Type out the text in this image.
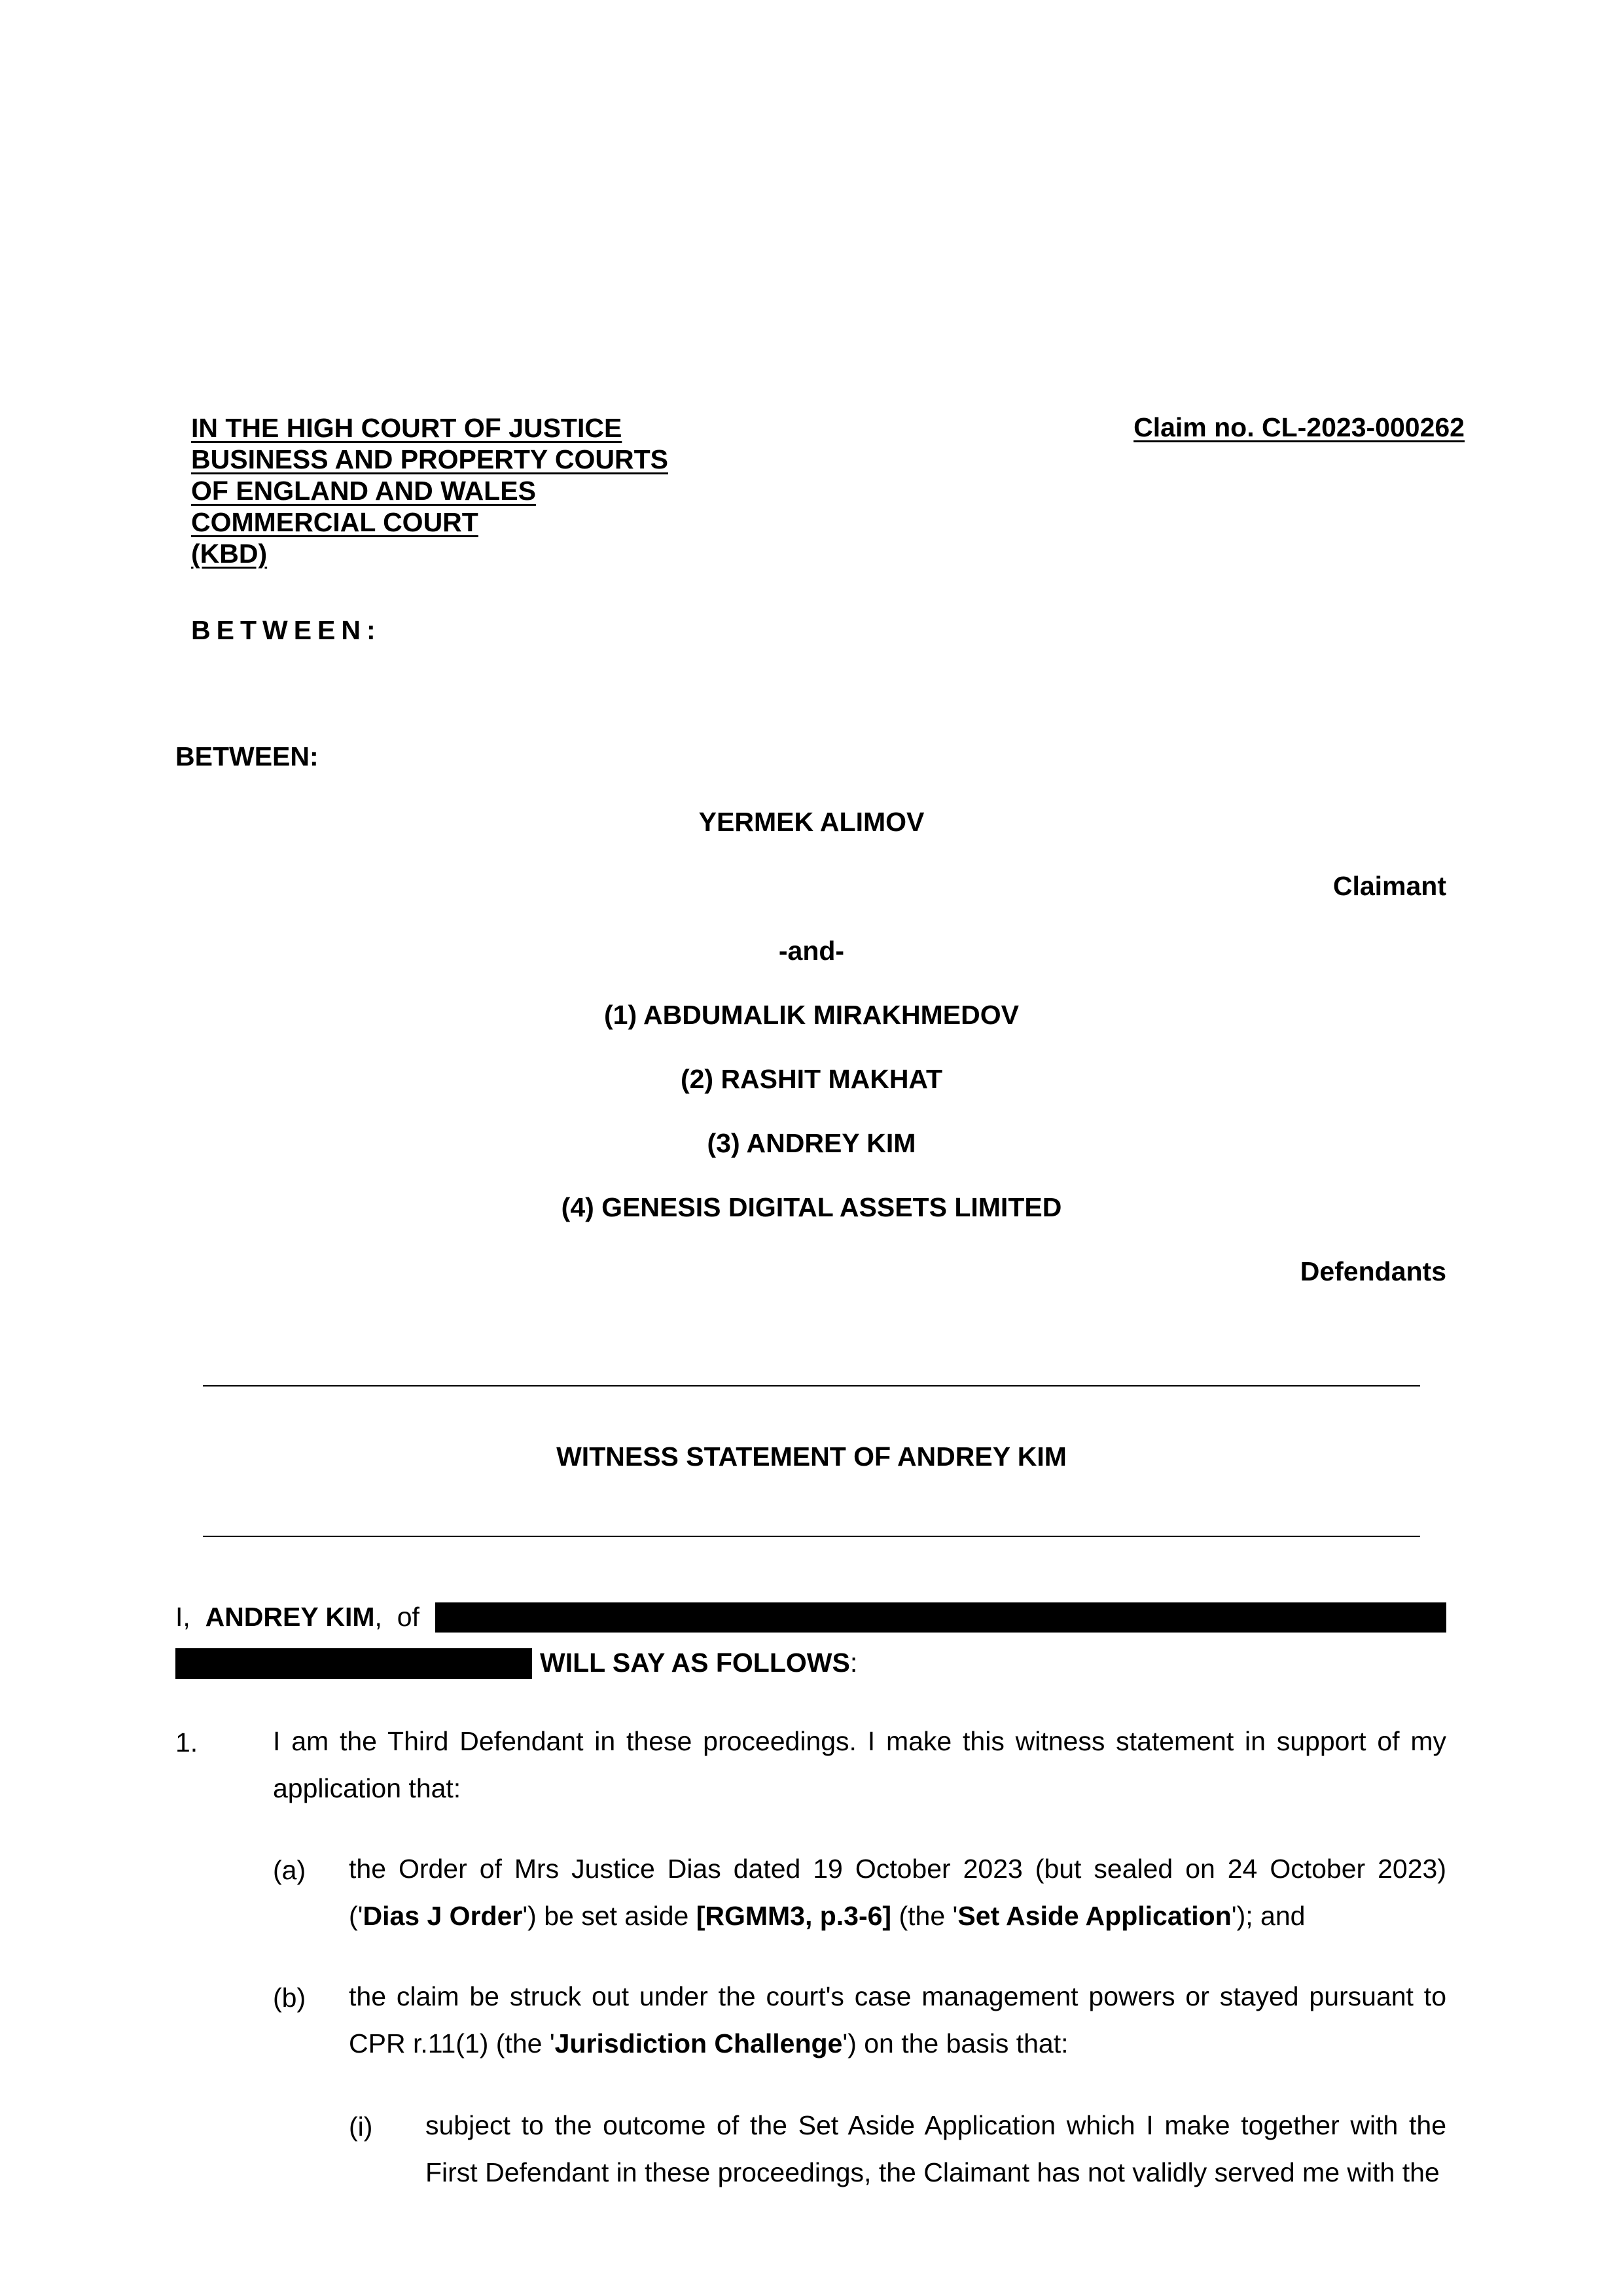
IN THE HIGH COURT OF JUSTICE
BUSINESS AND PROPERTY COURTS
OF ENGLAND AND WALES
COMMERCIAL COURT
(KBD)
Claim no. CL-2023-000262
BETWEEN:
BETWEEN:
YERMEK ALIMOV
Claimant
-and-
(1) ABDUMALIK MIRAKHMEDOV
(2) RASHIT MAKHAT
(3) ANDREY KIM
(4) GENESIS DIGITAL ASSETS LIMITED
Defendants
WITNESS STATEMENT OF ANDREY KIM
I, ANDREY KIM,  of
WILL SAY AS FOLLOWS:
1.	I am the Third Defendant in these proceedings. I make this witness statement in support of my application that:
(a) the Order of Mrs Justice Dias dated 19 October 2023 (but sealed on 24 October 2023) ('Dias J Order') be set aside [RGMM3, p.3-6] (the 'Set Aside Application'); and
(b) the claim be struck out under the court's case management powers or stayed pursuant to CPR r.11(1) (the 'Jurisdiction Challenge') on the basis that:
(i) subject to the outcome of the Set Aside Application which I make together with the First Defendant in these proceedings, the Claimant has not validly served me with the
